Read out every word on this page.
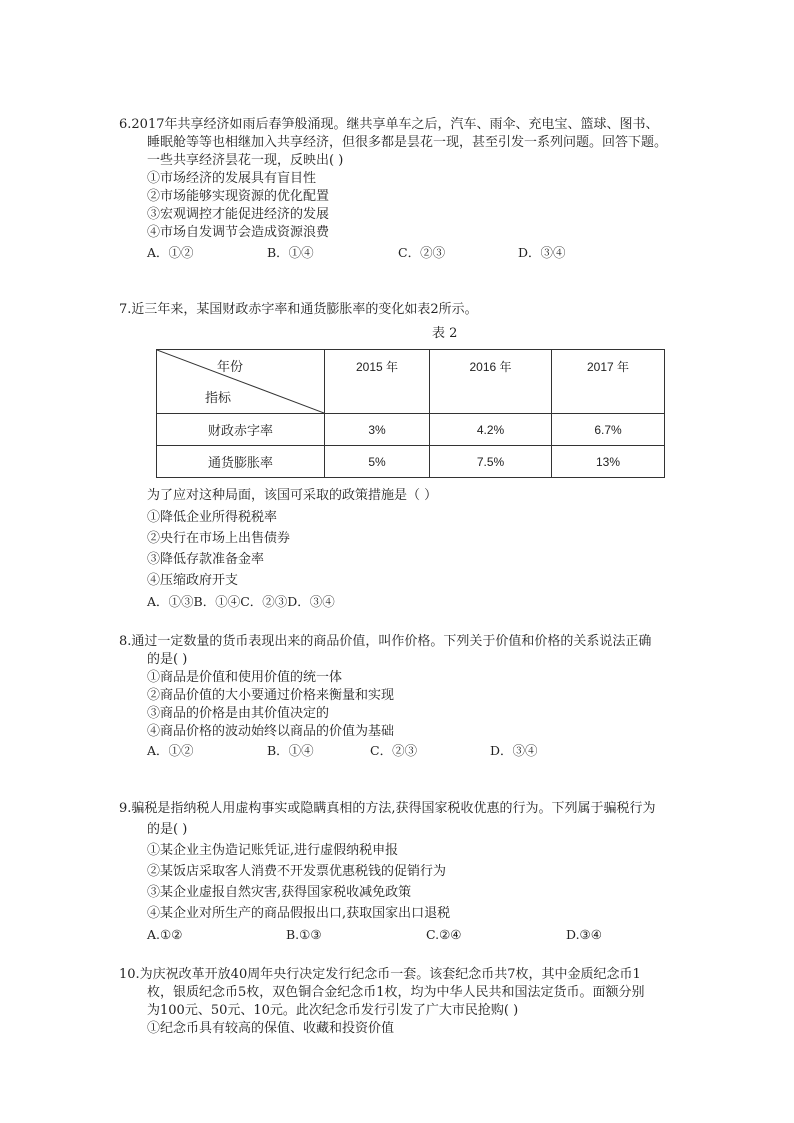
6.2017年共享经济如雨后春笋般涌现。继共享单车之后，汽车、雨伞、充电宝、篮球、图书、
睡眠舱等等也相继加入共享经济，但很多都是昙花一现，甚至引发一系列问题。回答下题。
一些共享经济昙花一现，反映出( )
①市场经济的发展具有盲目性
②市场能够实现资源的优化配置
③宏观调控才能促进经济的发展
④市场自发调节会造成资源浪费
A．①②	B．①④	C．②③	D．③④
7.近三年来，某国财政赤字率和通货膨胀率的变化如表2所示。
表 2
年份
指标	2015 年	2016 年	2017 年
财政赤字率	3%	4.2%	6.7%
通货膨胀率	5%	7.5%	13%
为了应对这种局面，该国可采取的政策措施是（ ）
①降低企业所得税税率
②央行在市场上出售债券
③降低存款准备金率
④压缩政府开支
A．①③B．①④C．②③D．③④
8.通过一定数量的货币表现出来的商品价值，叫作价格。下列关于价值和价格的关系说法正确
的是( )
①商品是价值和使用价值的统一体
②商品价值的大小要通过价格来衡量和实现
③商品的价格是由其价值决定的
④商品价格的波动始终以商品的价值为基础
A．①②	B．①④	C．②③	D．③④
9.骗税是指纳税人用虚构事实或隐瞒真相的方法,获得国家税收优惠的行为。下列属于骗税行为
的是( )
①某企业主伪造记账凭证,进行虚假纳税申报
②某饭店采取客人消费不开发票优惠税钱的促销行为
③某企业虚报自然灾害,获得国家税收减免政策
④某企业对所生产的商品假报出口,获取国家出口退税
A.①②	B.①③	C.②④	D.③④
10.为庆祝改革开放40周年央行决定发行纪念币一套。该套纪念币共7枚，其中金质纪念币1
枚，银质纪念币5枚，双色铜合金纪念币1枚，均为中华人民共和国法定货币。面额分别
为100元、50元、10元。此次纪念币发行引发了广大市民抢购( )
①纪念币具有较高的保值、收藏和投资价值
